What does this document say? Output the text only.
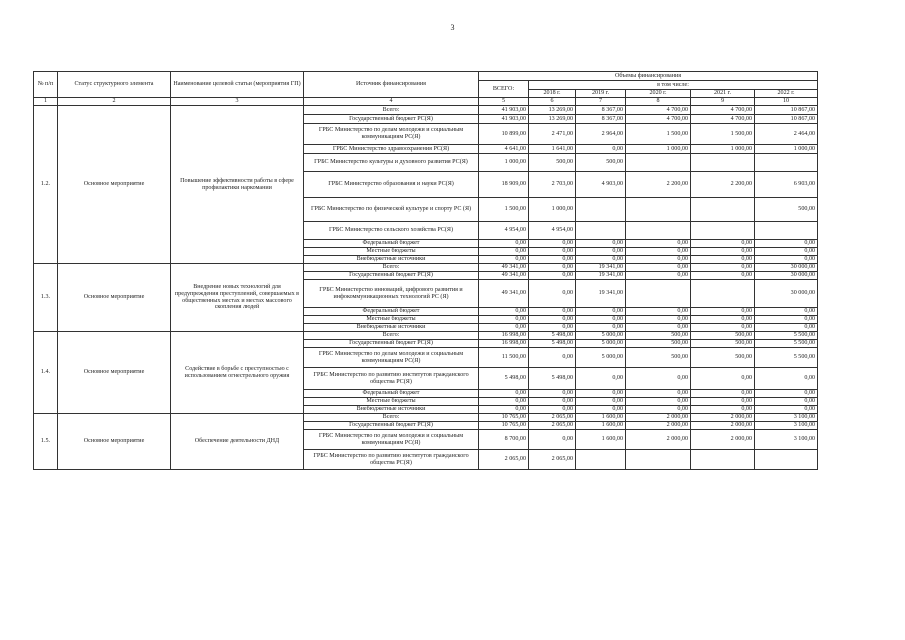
3
№ п/п	Статус структурного элемента	Наименование целевой статьи (мероприятия ГП)	Источник финансирования	Объемы финансирования					
				ВСЕГО:	в том числе:				
					2018 г.	2019 г.	2020 г.	2021 г.	2022 г.
1	2	3	4	5	6	7	8	9	10
1.2.	Основное мероприятие	Повышение эффективности работы в сфере профилактики наркомании	Всего:	41 903,00	13 269,00	8 367,00	4 700,00	4 700,00	10 867,00
			Государственный бюджет РС(Я)	41 903,00	13 269,00	8 367,00	4 700,00	4 700,00	10 867,00
			ГРБС Министерство по делам молодежи и социальным коммуникациям РС(Я)	10 899,00	2 471,00	2 964,00	1 500,00	1 500,00	2 464,00
			ГРБС Министерство здравоохранения РС(Я)	4 641,00	1 641,00	0,00	1 000,00	1 000,00	1 000,00
			ГРБС Министерство культуры и духовного развития РС(Я)	1 000,00	500,00	500,00			
			ГРБС Министерство образования и науки РС(Я)	18 909,00	2 703,00	4 903,00	2 200,00	2 200,00	6 903,00
			ГРБС Министерство по физической культуре и спорту РС (Я)	1 500,00	1 000,00				500,00
			ГРБС Министерство сельского хозяйства РС(Я)	4 954,00	4 954,00				
			Федеральный бюджет	0,00	0,00	0,00	0,00	0,00	0,00
			Местные бюджеты	0,00	0,00	0,00	0,00	0,00	0,00
			Внебюджетные источники	0,00	0,00	0,00	0,00	0,00	0,00
1.3.	Основное мероприятие	Внедрение новых технологий для предупреждения преступлений, совершаемых в общественных местах и местах массового скопления людей	Всего:	49 341,00	0,00	19 341,00	0,00	0,00	30 000,00
			Государственный бюджет РС(Я)	49 341,00	0,00	19 341,00	0,00	0,00	30 000,00
			ГРБС Министерство инноваций, цифрового развития и инфокоммуникационных технологий РС (Я)	49 341,00	0,00	19 341,00			30 000,00
			Федеральный бюджет	0,00	0,00	0,00	0,00	0,00	0,00
			Местные бюджеты	0,00	0,00	0,00	0,00	0,00	0,00
			Внебюджетные источники	0,00	0,00	0,00	0,00	0,00	0,00
1.4.	Основное мероприятие	Содействие в борьбе с преступностью с использованием огнестрельного оружия	Всего:	16 998,00	5 498,00	5 000,00	500,00	500,00	5 500,00
			Государственный бюджет РС(Я)	16 998,00	5 498,00	5 000,00	500,00	500,00	5 500,00
			ГРБС Министерство по делам молодежи и социальным коммуникациям РС(Я)	11 500,00	0,00	5 000,00	500,00	500,00	5 500,00
			ГРБС Министерство по развитию институтов гражданского общества РС(Я)	5 498,00	5 498,00	0,00	0,00	0,00	0,00
			Федеральный бюджет	0,00	0,00	0,00	0,00	0,00	0,00
			Местные бюджеты	0,00	0,00	0,00	0,00	0,00	0,00
			Внебюджетные источники	0,00	0,00	0,00	0,00	0,00	0,00
1.5.	Основное мероприятие	Обеспечение деятельности ДНД	Всего:	10 765,00	2 065,00	1 600,00	2 000,00	2 000,00	3 100,00
			Государственный бюджет РС(Я)	10 765,00	2 065,00	1 600,00	2 000,00	2 000,00	3 100,00
			ГРБС Министерство по делам молодежи и социальным коммуникациям РС(Я)	8 700,00	0,00	1 600,00	2 000,00	2 000,00	3 100,00
			ГРБС Министерство по развитию институтов гражданского общества РС(Я)	2 065,00	2 065,00				
